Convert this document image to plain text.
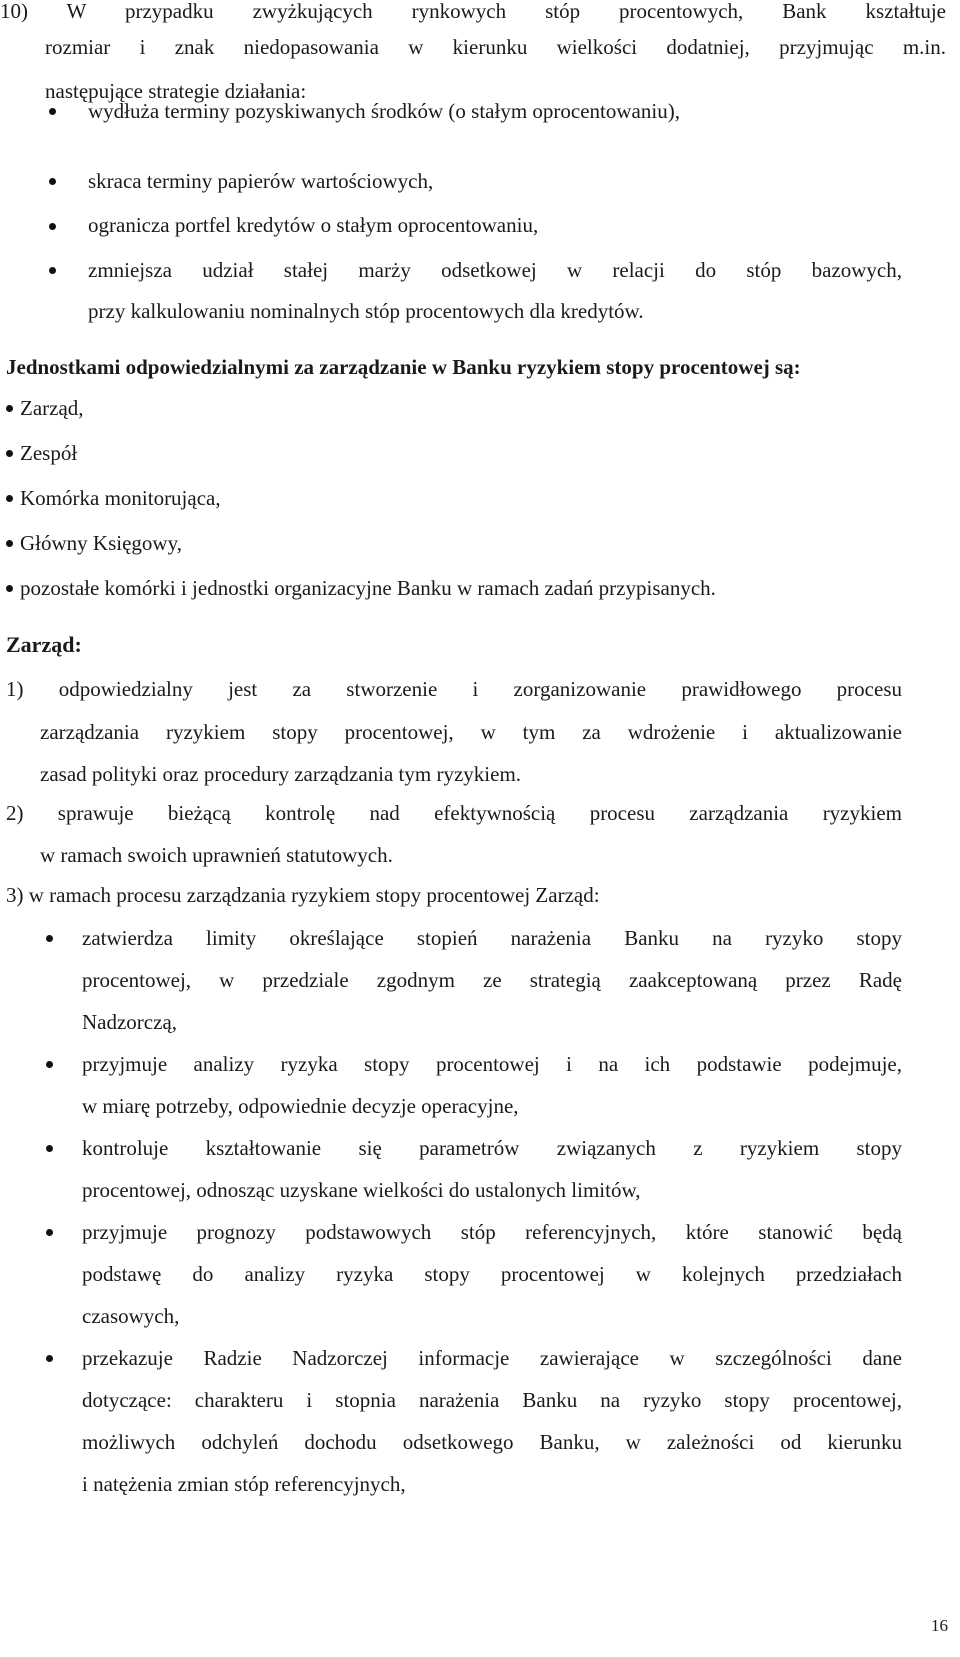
10) W przypadku zwyżkujących rynkowych stóp procentowych, Bank kształtuje
rozmiar i znak niedopasowania w kierunku wielkości dodatniej, przyjmując m.in.
następujące strategie działania:
wydłuża terminy pozyskiwanych środków (o stałym oprocentowaniu),
skraca terminy papierów wartościowych,
ogranicza portfel kredytów o stałym oprocentowaniu,
zmniejsza udział stałej marży odsetkowej w relacji do stóp bazowych,
przy kalkulowaniu nominalnych stóp procentowych dla kredytów.
Jednostkami odpowiedzialnymi za zarządzanie w Banku ryzykiem stopy procentowej są:
Zarząd,
Zespół
Komórka monitorująca,
Główny Księgowy,
pozostałe komórki i jednostki organizacyjne Banku w ramach zadań przypisanych.
Zarząd:
1) odpowiedzialny jest za stworzenie i zorganizowanie prawidłowego procesu
zarządzania ryzykiem stopy procentowej, w tym za wdrożenie i aktualizowanie
zasad polityki oraz procedury zarządzania tym ryzykiem.
2) sprawuje bieżącą kontrolę nad efektywnością procesu zarządzania ryzykiem
w ramach swoich uprawnień statutowych.
3) w ramach procesu zarządzania ryzykiem stopy procentowej Zarząd:
zatwierdza limity określające stopień narażenia Banku na ryzyko stopy
procentowej, w przedziale zgodnym ze strategią zaakceptowaną przez Radę
Nadzorczą,
przyjmuje analizy ryzyka stopy procentowej i na ich podstawie podejmuje,
w miarę potrzeby, odpowiednie decyzje operacyjne,
kontroluje kształtowanie się parametrów związanych z ryzykiem stopy
procentowej, odnosząc uzyskane wielkości do ustalonych limitów,
przyjmuje prognozy podstawowych stóp referencyjnych, które stanowić będą
podstawę do analizy ryzyka stopy procentowej w kolejnych przedziałach
czasowych,
przekazuje Radzie Nadzorczej informacje zawierające w szczególności dane
dotyczące: charakteru i stopnia narażenia Banku na ryzyko stopy procentowej,
możliwych odchyleń dochodu odsetkowego Banku, w zależności od kierunku
i natężenia zmian stóp referencyjnych,
16
